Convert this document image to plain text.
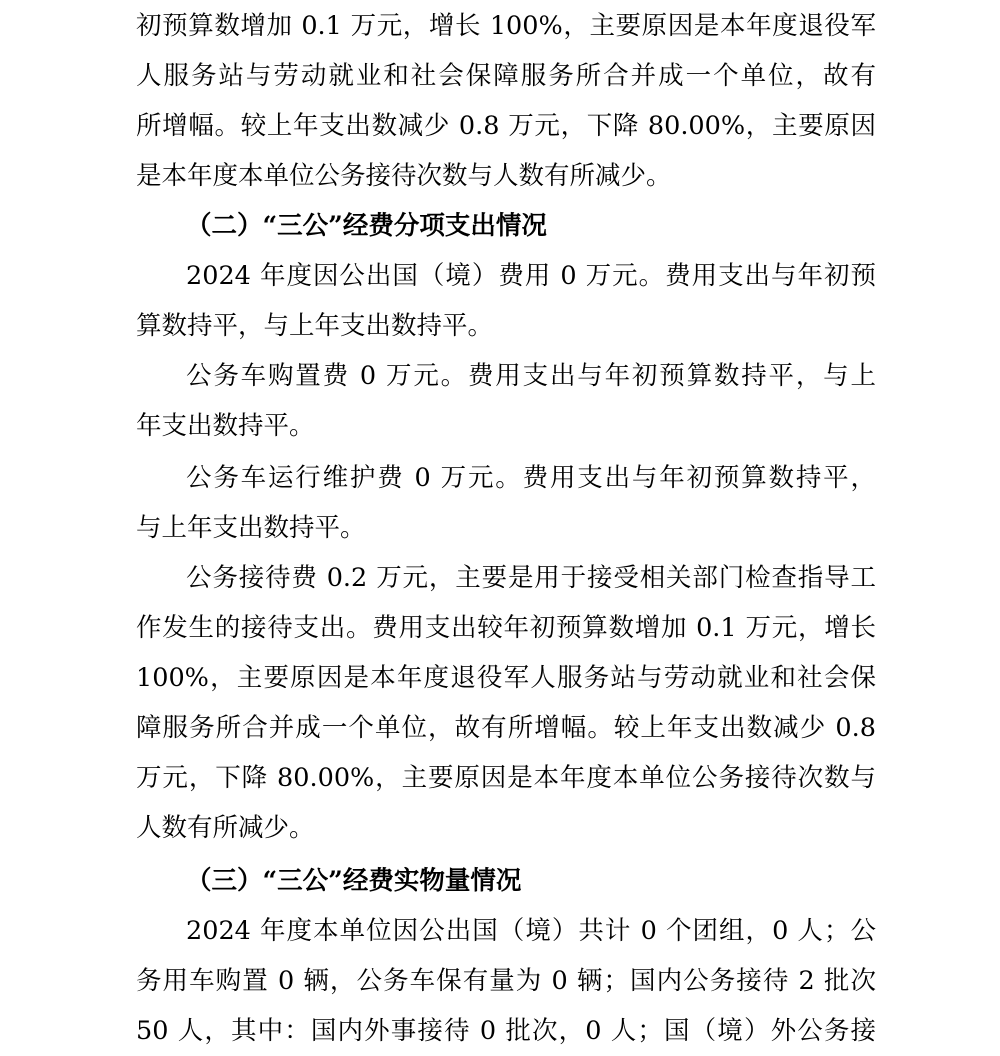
初预算数增加 0.1 万元，增长 100%，主要原因是本年度退役军
人服务站与劳动就业和社会保障服务所合并成一个单位，故有
所增幅。较上年支出数减少 0.8 万元，下降 80.00%，主要原因
是本年度本单位公务接待次数与人数有所减少。
（二）“三公”经费分项支出情况
2024 年度因公出国（境）费用 0 万元。费用支出与年初预
算数持平，与上年支出数持平。
公务车购置费 0 万元。费用支出与年初预算数持平，与上
年支出数持平。
公务车运行维护费 0 万元。费用支出与年初预算数持平，
与上年支出数持平。
公务接待费 0.2 万元，主要是用于接受相关部门检查指导工
作发生的接待支出。费用支出较年初预算数增加 0.1 万元，增长
100%，主要原因是本年度退役军人服务站与劳动就业和社会保
障服务所合并成一个单位，故有所增幅。较上年支出数减少 0.8
万元，下降 80.00%，主要原因是本年度本单位公务接待次数与
人数有所减少。
（三）“三公”经费实物量情况
2024 年度本单位因公出国（境）共计 0 个团组，0 人；公
务用车购置 0 辆，公务车保有量为 0 辆；国内公务接待 2 批次
50 人，其中：国内外事接待 0 批次，0 人；国（境）外公务接
